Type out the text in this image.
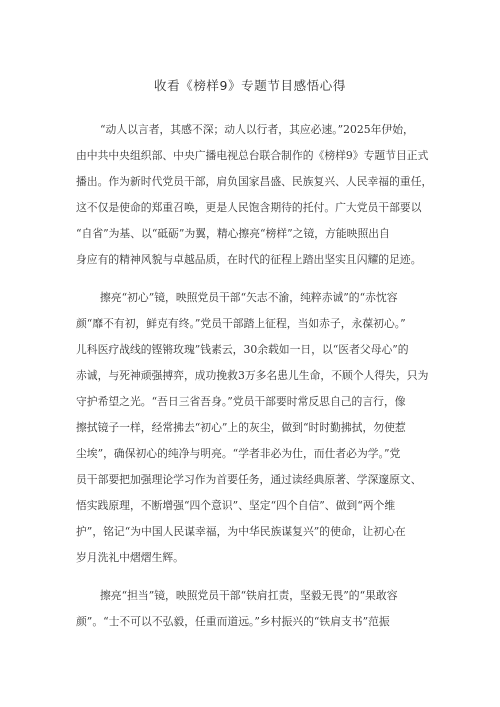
收看《榜样9》专题节目感悟心得
“动人以言者，其感不深；动人以行者，其应必速。”2025年伊始，
由中共中央组织部、中央广播电视总台联合制作的《榜样9》专题节目正式
播出。作为新时代党员干部，肩负国家昌盛、民族复兴、人民幸福的重任，
这不仅是使命的郑重召唤，更是人民饱含期待的托付。广大党员干部要以
“自省”为基、以“砥砺”为翼，精心擦亮“榜样”之镜，方能映照出自
身应有的精神风貌与卓越品质，在时代的征程上踏出坚实且闪耀的足迹。
擦亮“初心”镜，映照党员干部“矢志不渝，纯粹赤诚”的“赤忱容
颜“靡不有初，鲜克有终。”党员干部踏上征程，当如赤子，永葆初心。”
儿科医疗战线的铿锵玫瑰”钱素云，30余载如一日，以“医者父母心”的
赤诚，与死神顽强搏弈，成功挽救3万多名患儿生命，不顾个人得失，只为
守护希望之光。“吾日三省吾身。”党员干部要时常反思自己的言行，像
擦拭镜子一样，经常拂去“初心”上的灰尘，做到“时时勤拂拭，勿使惹
尘埃”，确保初心的纯净与明亮。“学者非必为仕，而仕者必为学。”党
员干部要把加强理论学习作为首要任务，通过读经典原著、学深邃原文、
悟实践原理，不断增强“四个意识”、坚定“四个自信”、做到“两个维
护”，铭记“为中国人民谋幸福，为中华民族谋复兴”的使命，让初心在
岁月洗礼中熠熠生辉。
擦亮“担当”镜，映照党员干部“铁肩扛责，坚毅无畏”的“果敢容
颜”。“士不可以不弘毅，任重而道远。”乡村振兴的“铁肩支书”范振
